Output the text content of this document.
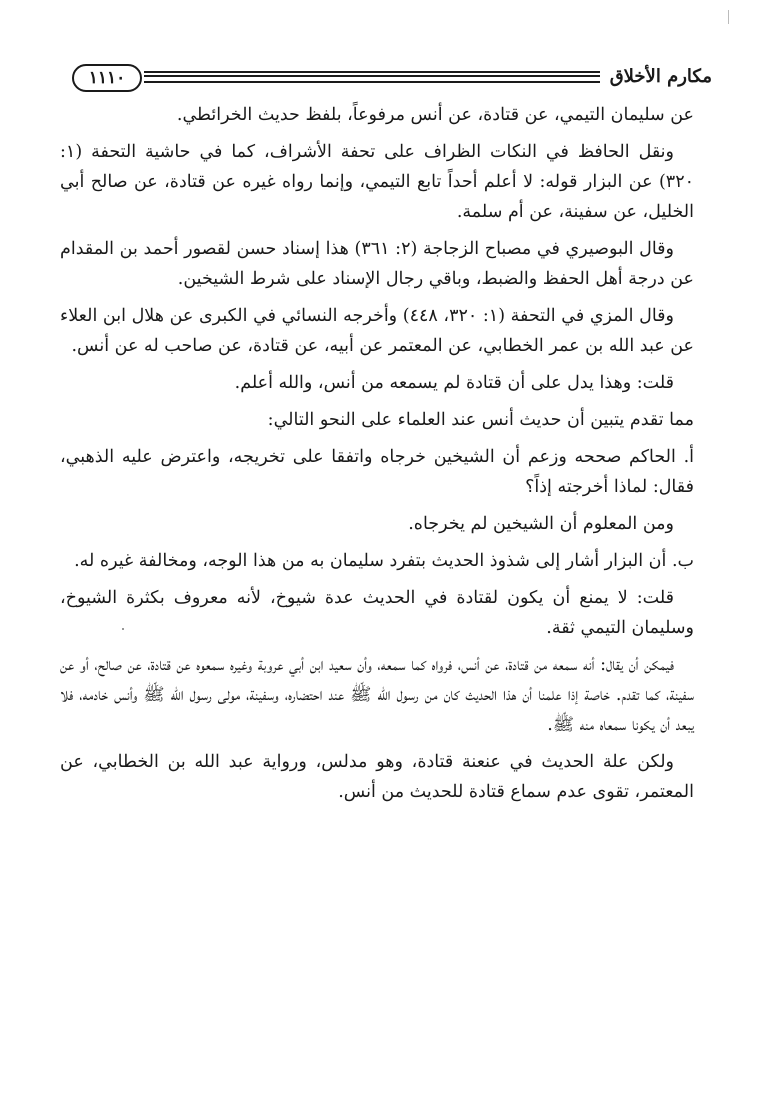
مكارم الأخلاق
١١١٠

عن سليمان التيمي، عن قتادة، عن أنس مرفوعاً، بلفظ حديث الخرائطي.

ونقل الحافظ في النكات الظراف على تحفة الأشراف، كما في حاشية التحفة (١: ٣٢٠) عن البزار قوله: لا أعلم أحداً تابع التيمي، وإنما رواه غيره عن قتادة، عن صالح أبي الخليل، عن سفينة، عن أم سلمة.

وقال البوصيري في مصباح الزجاجة (٢: ٣٦١) هذا إسناد حسن لقصور أحمد بن المقدام عن درجة أهل الحفظ والضبط، وباقي رجال الإسناد على شرط الشيخين.

وقال المزي في التحفة (١: ٣٢٠، ٤٤٨) وأخرجه النسائي في الكبرى عن هلال ابن العلاء عن عبد الله بن عمر الخطابي، عن المعتمر عن أبيه، عن قتادة، عن صاحب له عن أنس.

قلت: وهذا يدل على أن قتادة لم يسمعه من أنس، والله أعلم.

مما تقدم يتبين أن حديث أنس عند العلماء على النحو التالي:

أ. الحاكم صححه وزعم أن الشيخين خرجاه واتفقا على تخريجه، واعترض عليه الذهبي، فقال: لماذا أخرجته إذاً؟

ومن المعلوم أن الشيخين لم يخرجاه.

ب. أن البزار أشار إلى شذوذ الحديث بتفرد سليمان به من هذا الوجه، ومخالفة غيره له.

قلت: لا يمنع أن يكون لقتادة في الحديث عدة شيوخ، لأنه معروف بكثرة الشيوخ، وسليمان التيمي ثقة.

فيمكن أن يقال: أنه سمعه من قتادة، عن أنس، فرواه كما سمعه، وأن سعيد ابن أبي عروبة وغيره سمعوه عن قتادة، عن صالح، أو عن سفينة، كما تقدم. خاصة إذا علمنا أن هذا الحديث كان من رسول الله ﷺ عند احتضاره، وسفينة، مولى رسول الله ﷺ وأنس خادمه، فلا يبعد أن يكونا سمعاه منه ﷺ.

ولكن علة الحديث في عنعنة قتادة، وهو مدلس، ورواية عبد الله بن الخطابي، عن المعتمر، تقوى عدم سماع قتادة للحديث من أنس.
